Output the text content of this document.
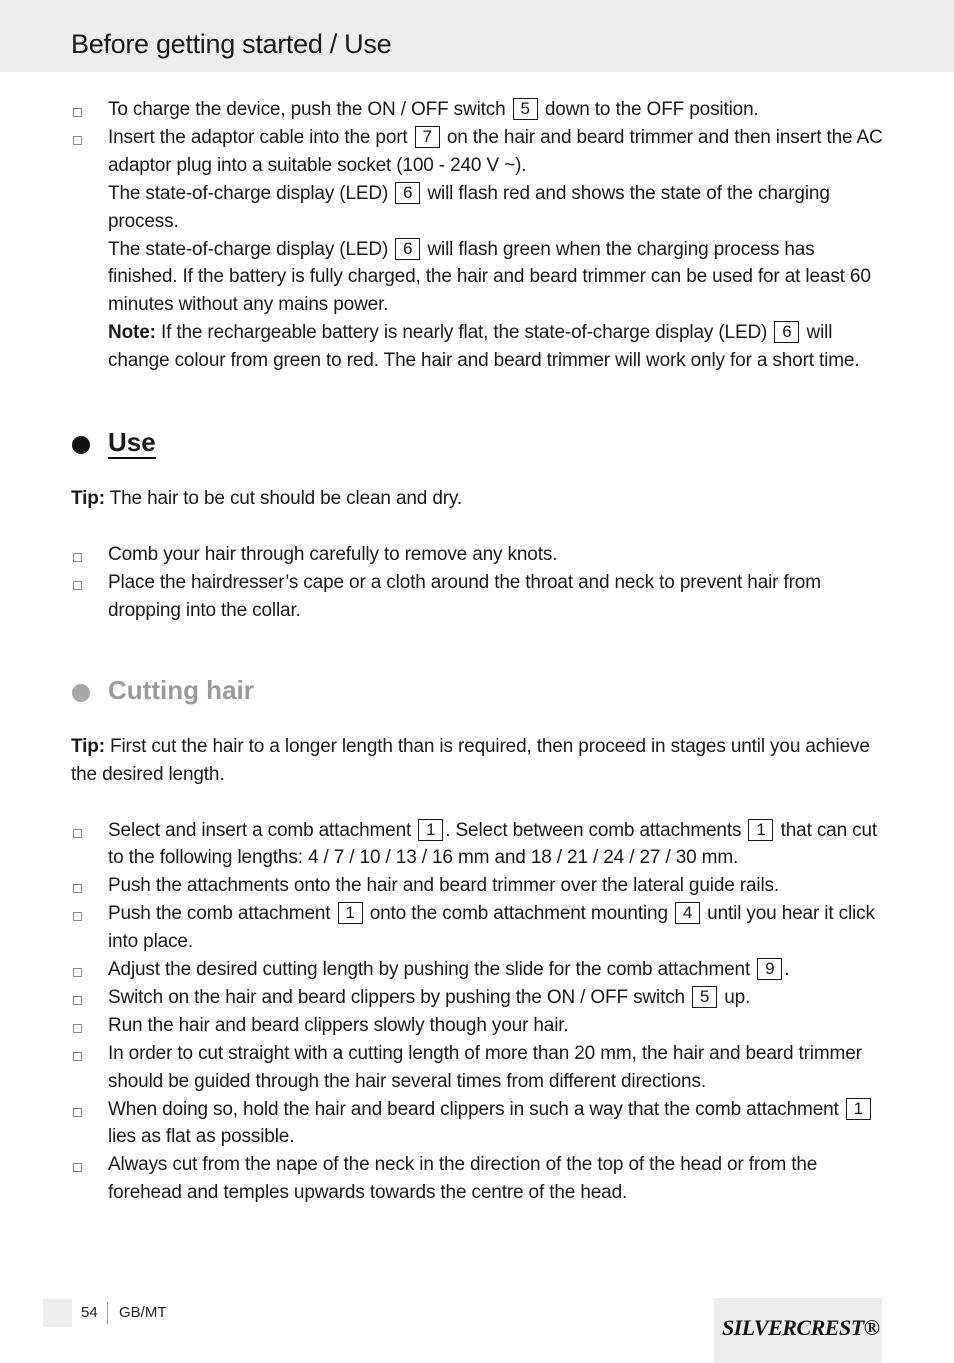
Before getting started / Use
To charge the device, push the ON / OFF switch 5 down to the OFF position.
Insert the adaptor cable into the port 7 on the hair and beard trimmer and then insert the AC adaptor plug into a suitable socket (100 - 240 V ~).
The state-of-charge display (LED) 6 will flash red and shows the state of the charging process.
The state-of-charge display (LED) 6 will flash green when the charging process has finished. If the battery is fully charged, the hair and beard trimmer can be used for at least 60 minutes without any mains power.
Note: If the rechargeable battery is nearly flat, the state-of-charge display (LED) 6 will change colour from green to red. The hair and beard trimmer will work only for a short time.
Use

Tip: The hair to be cut should be clean and dry.

Comb your hair through carefully to remove any knots.
Place the hairdresser’s cape or a cloth around the throat and neck to prevent hair from dropping into the collar.
Cutting hair

Tip: First cut the hair to a longer length than is required, then proceed in stages until you achieve the desired length.

Select and insert a comb attachment 1 . Select between comb attachments 1 that can cut to the following lengths: 4 / 7 / 10 / 13 / 16 mm and 18 / 21 / 24 / 27 / 30 mm.
Push the attachments onto the hair and beard trimmer over the lateral guide rails.
Push the comb attachment 1 onto the comb attachment mounting 4 until you hear it click into place.
Adjust the desired cutting length by pushing the slide for the comb attachment 9 .
Switch on the hair and beard clippers by pushing the ON / OFF switch 5 up.
Run the hair and beard clippers slowly though your hair.
In order to cut straight with a cutting length of more than 20 mm, the hair and beard trimmer should be guided through the hair several times from different directions.
When doing so, hold the hair and beard clippers in such a way that the comb attachment 1 lies as flat as possible.
Always cut from the nape of the neck in the direction of the top of the head or from the forehead and temples upwards towards the centre of the head.
54 GB/MT
SILVERCREST®
